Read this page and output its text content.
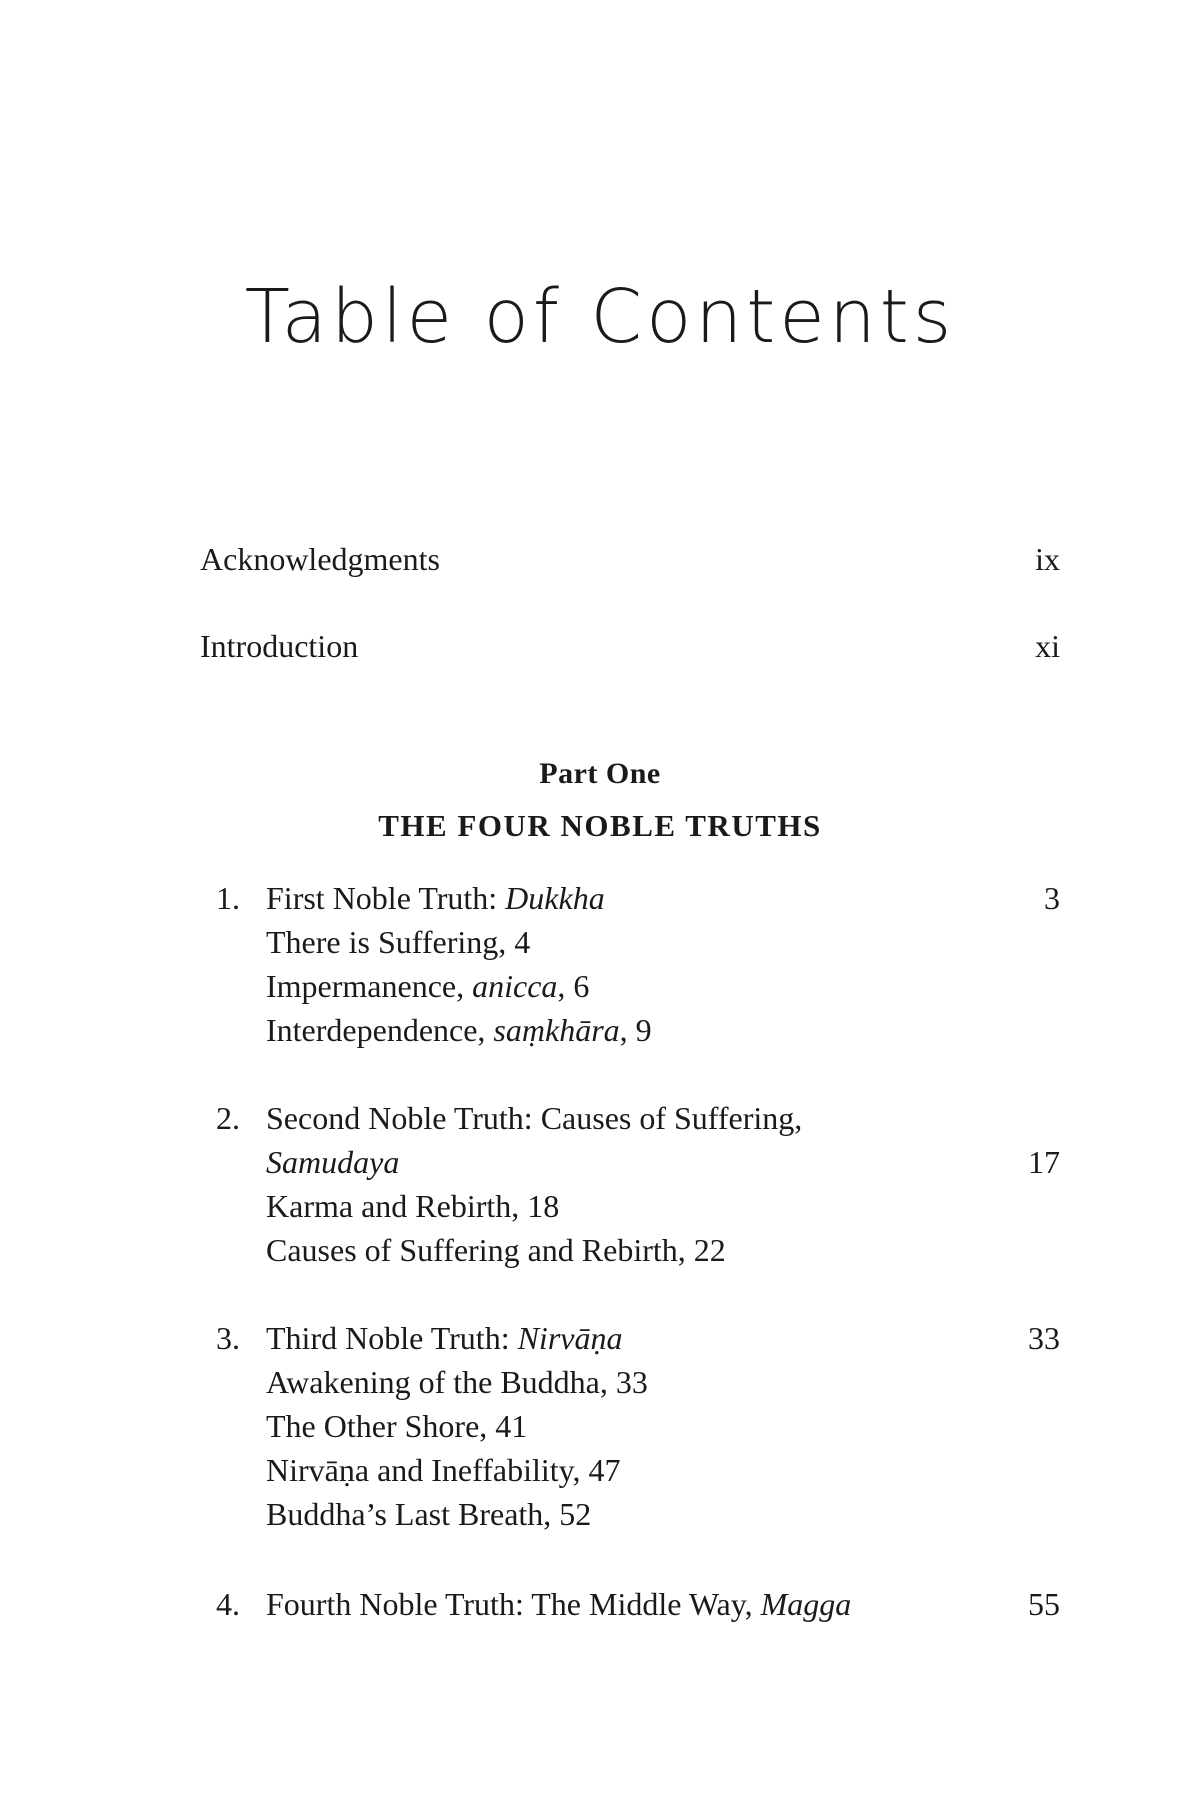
Table of Contents
Acknowledgments	ix
Introduction	xi
Part One
THE FOUR NOBLE TRUTHS
1. First Noble Truth: Dukkha	3
There is Suffering, 4
Impermanence, anicca, 6
Interdependence, saṃkhāra, 9
2. Second Noble Truth: Causes of Suffering,
Samudaya	17
Karma and Rebirth, 18
Causes of Suffering and Rebirth, 22
3. Third Noble Truth: Nirvāṇa	33
Awakening of the Buddha, 33
The Other Shore, 41
Nirvāṇa and Ineffability, 47
Buddha’s Last Breath, 52
4. Fourth Noble Truth: The Middle Way, Magga	55
